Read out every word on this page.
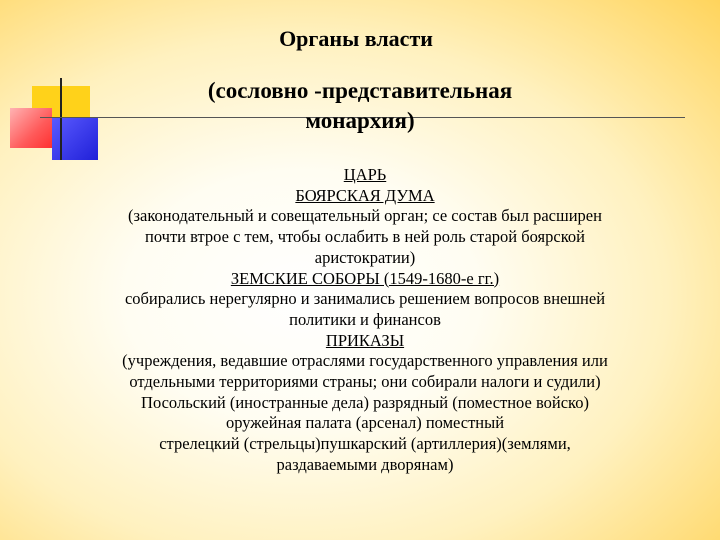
Органы власти
(сословно -представительная
монархия)

ЦАРЬ

БОЯРСКАЯ ДУМА

(законодательный и совещательный орган; се состав был расширен

почти втрое с тем, чтобы ослабить в ней роль старой боярской

аристократии)

ЗЕМСКИЕ СОБОРЫ (1549-1680-е гг.)

собирались нерегулярно и занимались решением вопросов внешней

политики и финансов

ПРИКАЗЫ

(учреждения, ведавшие отраслями государственного управления или

отдельными территориями страны; они собирали налоги и судили)

Посольский (иностранные дела) разрядный (поместное войско)

оружейная палата (арсенал) поместный

стрелецкий (стрельцы)пушкарский (артиллерия)(землями,

раздаваемыми дворянам)
